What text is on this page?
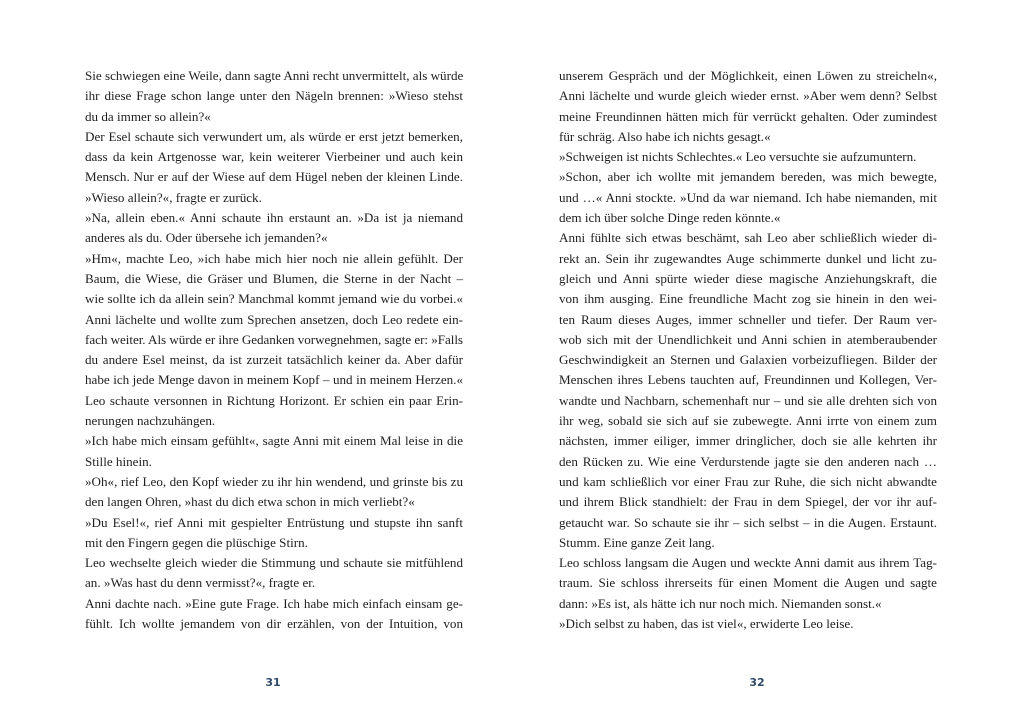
Sie schwiegen eine Weile, dann sagte Anni recht unvermittelt, als würde
ihr diese Frage schon lange unter den Nägeln brennen: »Wieso stehst
du da immer so allein?«
Der Esel schaute sich verwundert um, als würde er erst jetzt bemerken,
dass da kein Artgenosse war, kein weiterer Vierbeiner und auch kein
Mensch. Nur er auf der Wiese auf dem Hügel neben der kleinen Linde.
»Wieso allein?«, fragte er zurück.
»Na, allein eben.« Anni schaute ihn erstaunt an. »Da ist ja niemand
anderes als du. Oder übersehe ich jemanden?«
»Hm«, machte Leo, »ich habe mich hier noch nie allein gefühlt. Der
Baum, die Wiese, die Gräser und Blumen, die Sterne in der Nacht –
wie sollte ich da allein sein? Manchmal kommt jemand wie du vorbei.«
Anni lächelte und wollte zum Sprechen ansetzen, doch Leo redete ein-
fach weiter. Als würde er ihre Gedanken vorwegnehmen, sagte er: »Falls
du andere Esel meinst, da ist zurzeit tatsächlich keiner da. Aber dafür
habe ich jede Menge davon in meinem Kopf – und in meinem Herzen.«
Leo schaute versonnen in Richtung Horizont. Er schien ein paar Erin-
nerungen nachzuhängen.
»Ich habe mich einsam gefühlt«, sagte Anni mit einem Mal leise in die
Stille hinein.
»Oh«, rief Leo, den Kopf wieder zu ihr hin wendend, und grinste bis zu
den langen Ohren, »hast du dich etwa schon in mich verliebt?«
»Du Esel!«, rief Anni mit gespielter Entrüstung und stupste ihn sanft
mit den Fingern gegen die plüschige Stirn.
Leo wechselte gleich wieder die Stimmung und schaute sie mitfühlend
an. »Was hast du denn vermisst?«, fragte er.
Anni dachte nach. »Eine gute Frage. Ich habe mich einfach einsam ge-
fühlt. Ich wollte jemandem von dir erzählen, von der Intuition, von
31
unserem Gespräch und der Möglichkeit, einen Löwen zu streicheln«,
Anni lächelte und wurde gleich wieder ernst. »Aber wem denn? Selbst
meine Freundinnen hätten mich für verrückt gehalten. Oder zumindest
für schräg. Also habe ich nichts gesagt.«
»Schweigen ist nichts Schlechtes.« Leo versuchte sie aufzumuntern.
»Schon, aber ich wollte mit jemandem bereden, was mich bewegte,
und …« Anni stockte. »Und da war niemand. Ich habe niemanden, mit
dem ich über solche Dinge reden könnte.«
Anni fühlte sich etwas beschämt, sah Leo aber schließlich wieder di-
rekt an. Sein ihr zugewandtes Auge schimmerte dunkel und licht zu-
gleich und Anni spürte wieder diese magische Anziehungskraft, die
von ihm ausging. Eine freundliche Macht zog sie hinein in den wei-
ten Raum dieses Auges, immer schneller und tiefer. Der Raum ver-
wob sich mit der Unendlichkeit und Anni schien in atemberaubender
Geschwindigkeit an Sternen und Galaxien vorbeizufliegen. Bilder der
Menschen ihres Lebens tauchten auf, Freundinnen und Kollegen, Ver-
wandte und Nachbarn, schemenhaft nur – und sie alle drehten sich von
ihr weg, sobald sie sich auf sie zubewegte. Anni irrte von einem zum
nächsten, immer eiliger, immer dringlicher, doch sie alle kehrten ihr
den Rücken zu. Wie eine Verdurstende jagte sie den anderen nach …
und kam schließlich vor einer Frau zur Ruhe, die sich nicht abwandte
und ihrem Blick standhielt: der Frau in dem Spiegel, der vor ihr auf-
getaucht war. So schaute sie ihr – sich selbst – in die Augen. Erstaunt.
Stumm. Eine ganze Zeit lang.
Leo schloss langsam die Augen und weckte Anni damit aus ihrem Tag-
traum. Sie schloss ihrerseits für einen Moment die Augen und sagte
dann: »Es ist, als hätte ich nur noch mich. Niemanden sonst.«
»Dich selbst zu haben, das ist viel«, erwiderte Leo leise.
32
